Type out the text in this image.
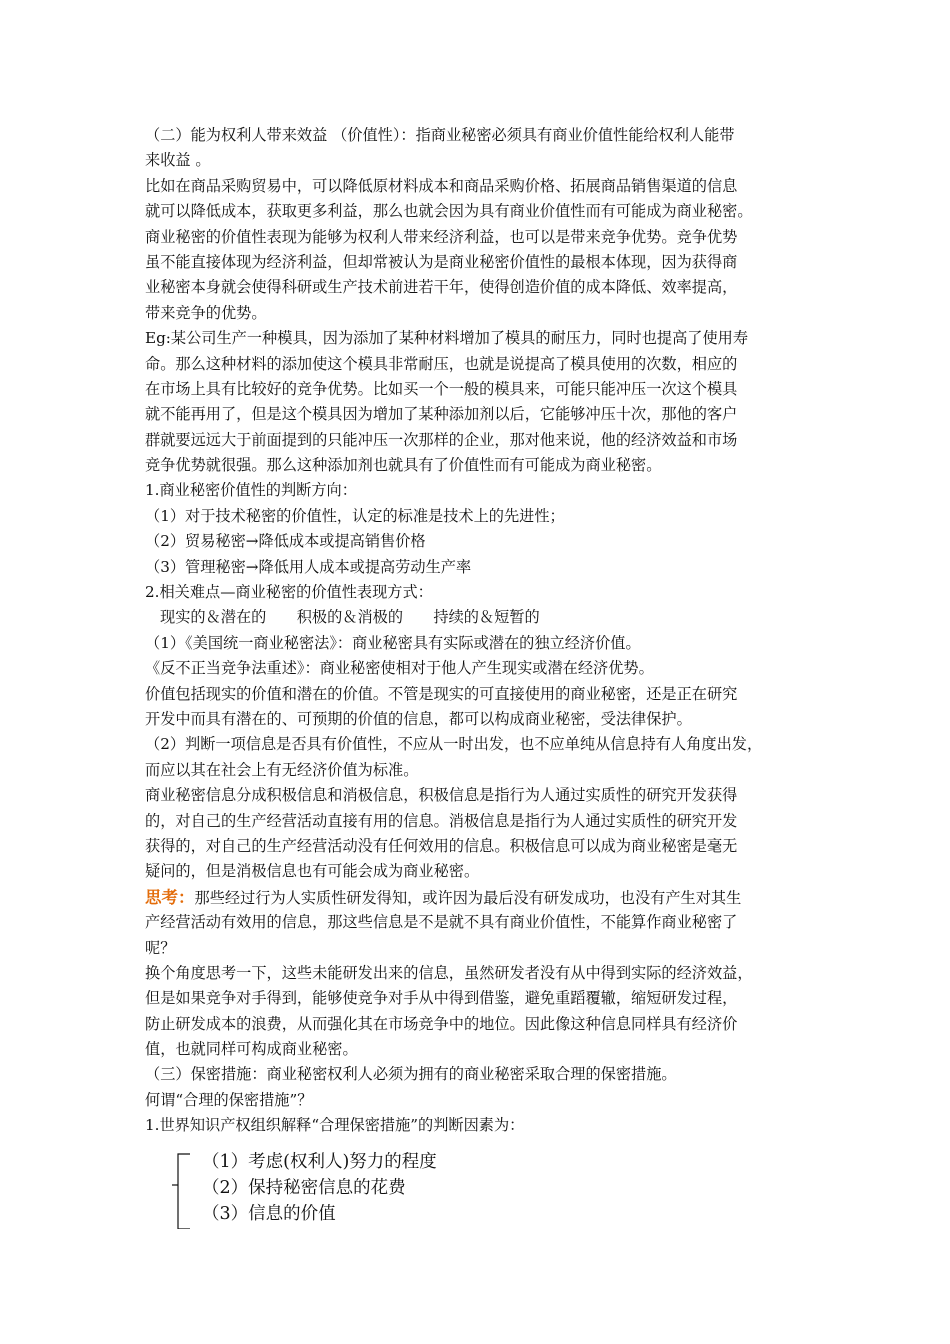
（二）能为权利人带来效益 （价值性）：指商业秘密必须具有商业价值性能给权利人能带
来收益 。
比如在商品采购贸易中，可以降低原材料成本和商品采购价格、拓展商品销售渠道的信息
就可以降低成本，获取更多利益，那么也就会因为具有商业价值性而有可能成为商业秘密。
商业秘密的价值性表现为能够为权利人带来经济利益，也可以是带来竞争优势。竞争优势
虽不能直接体现为经济利益，但却常被认为是商业秘密价值性的最根本体现，因为获得商
业秘密本身就会使得科研或生产技术前进若干年，使得创造价值的成本降低、效率提高，
带来竞争的优势。
Eg:某公司生产一种模具，因为添加了某种材料增加了模具的耐压力，同时也提高了使用寿
命。那么这种材料的添加使这个模具非常耐压，也就是说提高了模具使用的次数，相应的
在市场上具有比较好的竞争优势。比如买一个一般的模具来，可能只能冲压一次这个模具
就不能再用了，但是这个模具因为增加了某种添加剂以后，它能够冲压十次，那他的客户
群就要远远大于前面提到的只能冲压一次那样的企业，那对他来说，他的经济效益和市场
竞争优势就很强。那么这种添加剂也就具有了价值性而有可能成为商业秘密。
1.商业秘密价值性的判断方向：
（1）对于技术秘密的价值性，认定的标准是技术上的先进性；
（2）贸易秘密→降低成本或提高销售价格
（3）管理秘密→降低用人成本或提高劳动生产率
2.相关难点—商业秘密的价值性表现方式：
现实的＆潜在的　　积极的＆消极的　　持续的＆短暂的
（1）《美国统一商业秘密法》：商业秘密具有实际或潜在的独立经济价值。
《反不正当竞争法重述》：商业秘密使相对于他人产生现实或潜在经济优势。
价值包括现实的价值和潜在的价值。不管是现实的可直接使用的商业秘密，还是正在研究
开发中而具有潜在的、可预期的价值的信息，都可以构成商业秘密，受法律保护。
（2）判断一项信息是否具有价值性，不应从一时出发，也不应单纯从信息持有人角度出发，
而应以其在社会上有无经济价值为标准。
商业秘密信息分成积极信息和消极信息，积极信息是指行为人通过实质性的研究开发获得
的，对自己的生产经营活动直接有用的信息。消极信息是指行为人通过实质性的研究开发
获得的，对自己的生产经营活动没有任何效用的信息。积极信息可以成为商业秘密是毫无
疑问的，但是消极信息也有可能会成为商业秘密。
思考：那些经过行为人实质性研发得知，或许因为最后没有研发成功，也没有产生对其生
产经营活动有效用的信息，那这些信息是不是就不具有商业价值性，不能算作商业秘密了
呢？
换个角度思考一下，这些未能研发出来的信息，虽然研发者没有从中得到实际的经济效益，
但是如果竞争对手得到，能够使竞争对手从中得到借鉴，避免重蹈覆辙，缩短研发过程，
防止研发成本的浪费，从而强化其在市场竞争中的地位。因此像这种信息同样具有经济价
值，也就同样可构成商业秘密。
（三）保密措施：商业秘密权利人必须为拥有的商业秘密采取合理的保密措施。
何谓“合理的保密措施”？
1.世界知识产权组织解释“合理保密措施”的判断因素为：
（1）考虑(权利人)努力的程度
（2）保持秘密信息的花费
（3）信息的价值
